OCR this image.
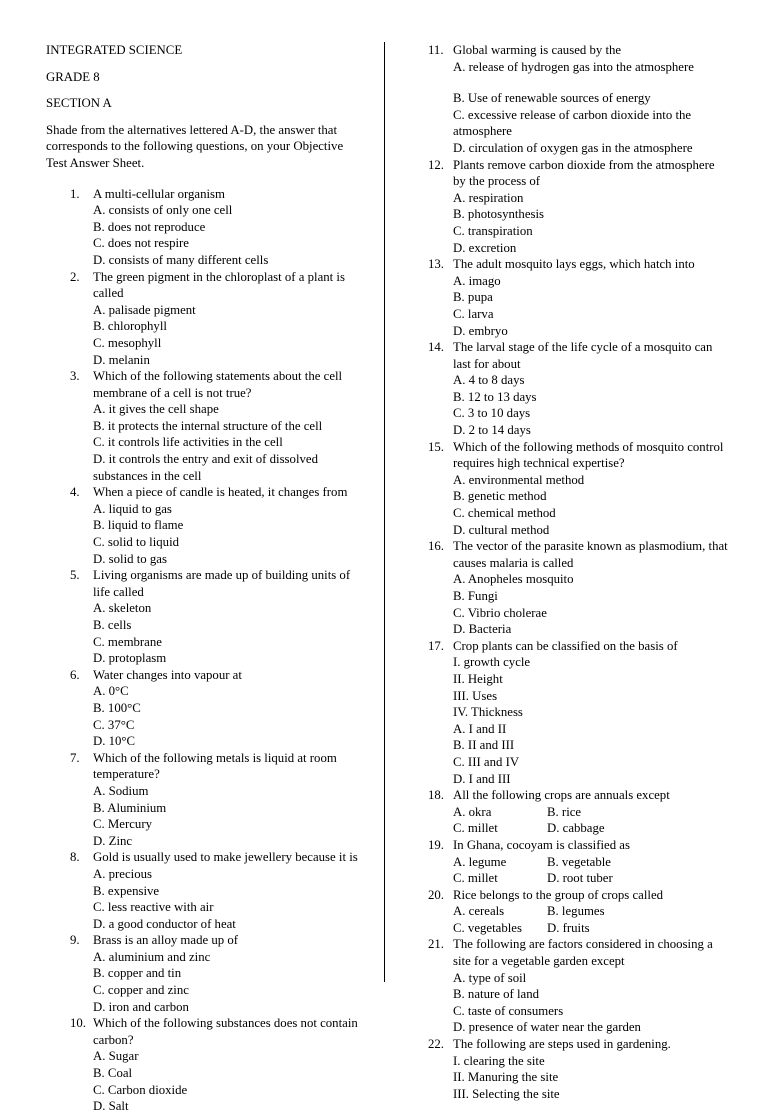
INTEGRATED SCIENCE
GRADE 8
SECTION A
Shade from the alternatives lettered A-D, the answer that corresponds to the following questions, on your Objective Test Answer Sheet.
1. A multi-cellular organism
A. consists of only one cell
B. does not reproduce
C. does not respire
D. consists of many different cells
2. The green pigment in the chloroplast of a plant is called
A. palisade pigment
B. chlorophyll
C. mesophyll
D. melanin
3. Which of the following statements about the cell membrane of a cell is not true?
A. it gives the cell shape
B. it protects the internal structure of the cell
C. it controls life activities in the cell
D. it controls the entry and exit of dissolved substances in the cell
4. When a piece of candle is heated, it changes from
A. liquid to gas
B. liquid to flame
C. solid to liquid
D. solid to gas
5. Living organisms are made up of building units of life called
A. skeleton
B. cells
C. membrane
D. protoplasm
6. Water changes into vapour at
A. 0°C
B. 100°C
C. 37°C
D. 10°C
7. Which of the following metals is liquid at room temperature?
A. Sodium
B. Aluminium
C. Mercury
D. Zinc
8. Gold is usually used to make jewellery because it is
A. precious
B. expensive
C. less reactive with air
D. a good conductor of heat
9. Brass is an alloy made up of
A. aluminium and zinc
B. copper and tin
C. copper and zinc
D. iron and carbon
10. Which of the following substances does not contain carbon?
A. Sugar
B. Coal
C. Carbon dioxide
D. Salt
11. Global warming is caused by the
A. release of hydrogen gas into the atmosphere
B. Use of renewable sources of energy
C. excessive release of carbon dioxide into the atmosphere
D. circulation of oxygen gas in the atmosphere
12. Plants remove carbon dioxide from the atmosphere by the process of
A. respiration
B. photosynthesis
C. transpiration
D. excretion
13. The adult mosquito lays eggs, which hatch into
A. imago
B. pupa
C. larva
D. embryo
14. The larval stage of the life cycle of a mosquito can last for about
A. 4 to 8 days
B. 12 to 13 days
C. 3 to 10 days
D. 2 to 14 days
15. Which of the following methods of mosquito control requires high technical expertise?
A. environmental method
B. genetic method
C. chemical method
D. cultural method
16. The vector of the parasite known as plasmodium, that causes malaria is called
A. Anopheles mosquito
B. Fungi
C. Vibrio cholerae
D. Bacteria
17. Crop plants can be classified on the basis of
I. growth cycle
II. Height
III. Uses
IV. Thickness
A. I and II
B. II and III
C. III and IV
D. I and III
18. All the following crops are annuals except
A. okra	B. rice
C. millet	D. cabbage
19. In Ghana, cocoyam is classified as
A. legume	B. vegetable
C. millet	D. root tuber
20. Rice belongs to the group of crops called
A. cereals	B. legumes
C. vegetables	D. fruits
21. The following are factors considered in choosing a site for a vegetable garden except
A. type of soil
B. nature of land
C. taste of consumers
D. presence of water near the garden
22. The following are steps used in gardening.
I. clearing the site
II. Manuring the site
III. Selecting the site
